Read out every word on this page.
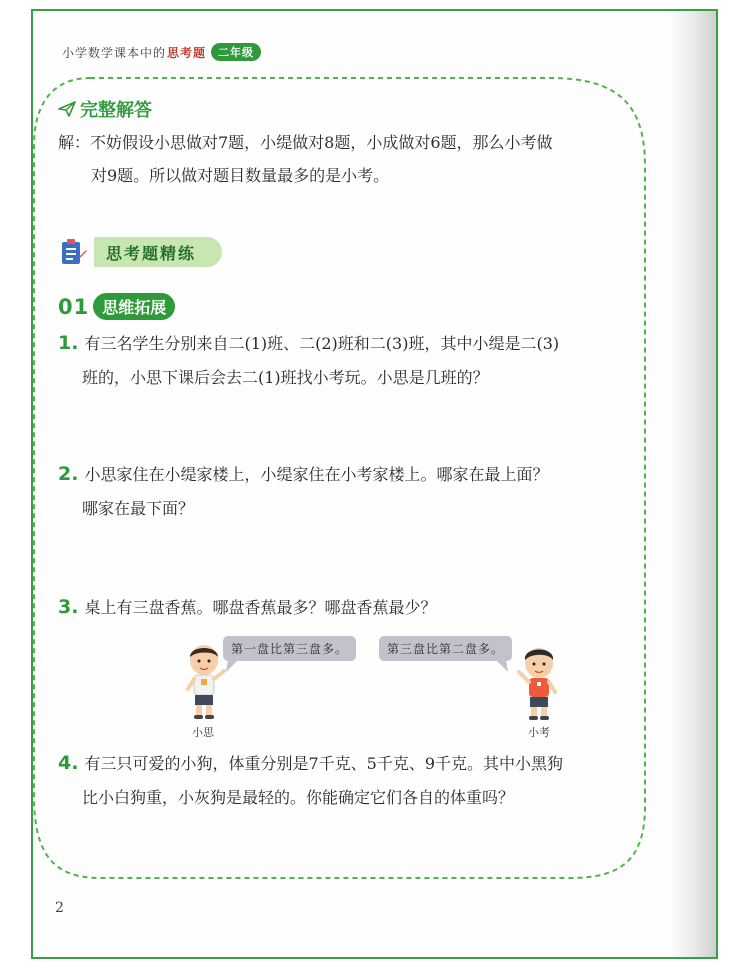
小学数学课本中的 思考题	二年级
完整解答
解：不妨假设小思做对7题，小缇做对8题，小成做对6题，那么小考做
对9题。所以做对题目数量最多的是小考。
思考题精练
01 思维拓展
1. 有三名学生分别来自二(1)班、二(2)班和二(3)班，其中小缇是二(3)
班的，小思下课后会去二(1)班找小考玩。小思是几班的？
2. 小思家住在小缇家楼上，小缇家住在小考家楼上。哪家在最上面？
哪家在最下面？
3. 桌上有三盘香蕉。哪盘香蕉最多？哪盘香蕉最少？
第一盘比第三盘多。	第三盘比第二盘多。
小思	小考
4. 有三只可爱的小狗，体重分别是7千克、5千克、9千克。其中小黑狗
比小白狗重，小灰狗是最轻的。你能确定它们各自的体重吗？
2
